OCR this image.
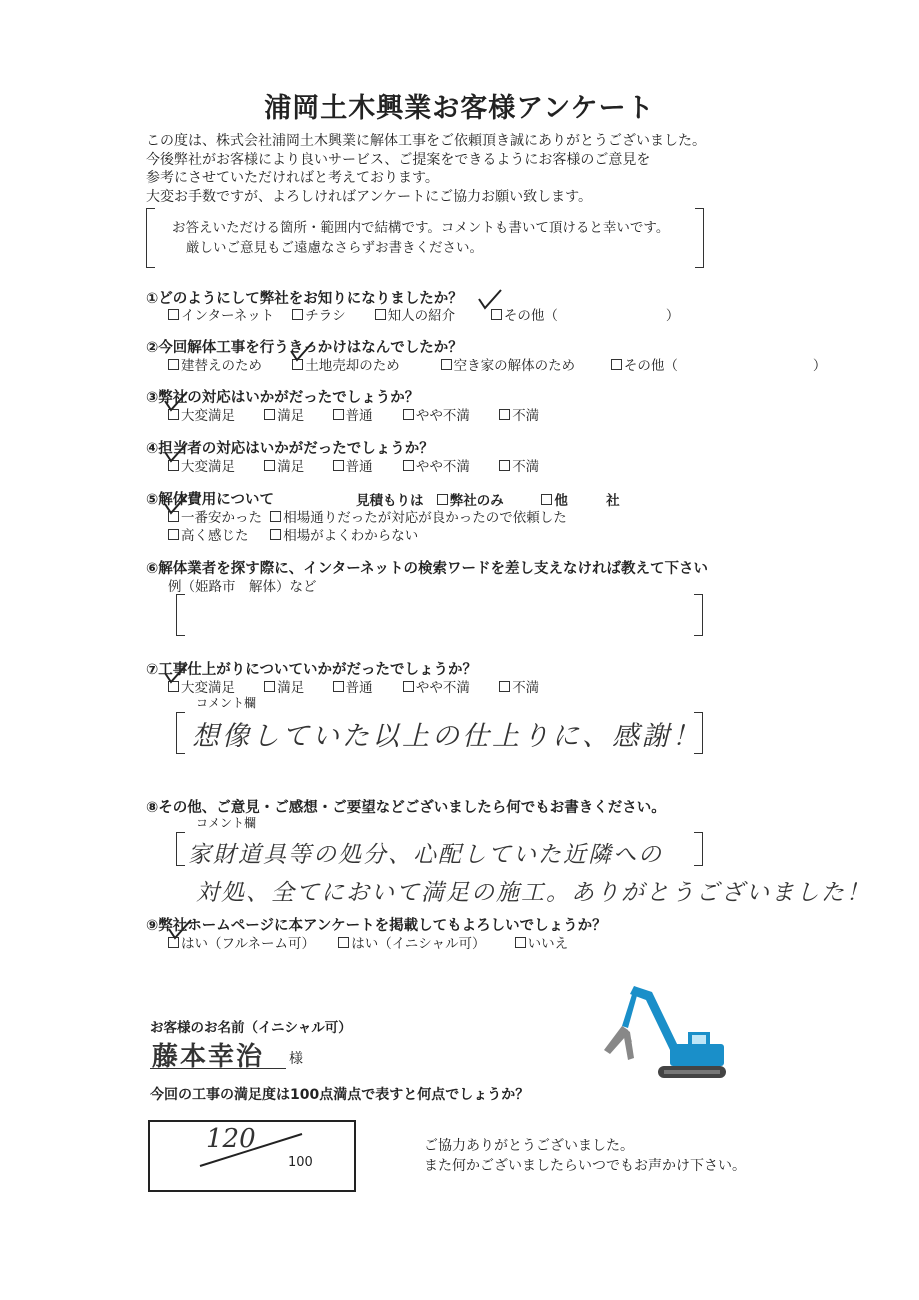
浦岡土木興業お客様アンケート
この度は、株式会社浦岡土木興業に解体工事をご依頼頂き誠にありがとうございました。
今後弊社がお客様により良いサービス、ご提案をできるようにお客様のご意見を
参考にさせていただければと考えております。
大変お手数ですが、よろしければアンケートにご協力お願い致します。
お答えいただける箇所・範囲内で結構です。コメントも書いて頂けると幸いです。
厳しいご意見もご遠慮なさらずお書きください。
①どのようにして弊社をお知りになりましたか？
インターネット チラシ	知人の紹介	その他（　　　　　　　　）
②今回解体工事を行うきっかけはなんでしたか？
建替えのため	土地売却のため	空き家の解体のため	その他（　　　　　　　　　　）
③弊社の対応はいかがだったでしょうか？
大変満足	満足	普通	やや不満	不満
④担当者の対応はいかがだったでしょうか？
大変満足	満足	普通	やや不満	不満
⑤解体費用について	見積もりは 弊社のみ	他	社
一番安かった 相場通りだったが対応が良かったので依頼した
高く感じた	相場がよくわからない
⑥解体業者を探す際に、インターネットの検索ワードを差し支えなければ教えて下さい
例（姫路市　解体）など
⑦工事仕上がりについていかがだったでしょうか？
大変満足	満足	普通	やや不満	不満
コメント欄
想像していた以上の仕上りに、感謝！
⑧その他、ご意見・ご感想・ご要望などございましたら何でもお書きください。
コメント欄
家財道具等の処分、心配していた近隣への
対処、全てにおいて満足の施工。ありがとうございました！
⑨弊社ホームページに本アンケートを掲載してもよろしいでしょうか？
はい（フルネーム可）	はい（イニシャル可）	いいえ
お客様のお名前（イニシャル可）
藤本幸治 様
今回の工事の満足度は100点満点で表すと何点でしょうか？
120
100
ご協力ありがとうございました。
また何かございましたらいつでもお声かけ下さい。
